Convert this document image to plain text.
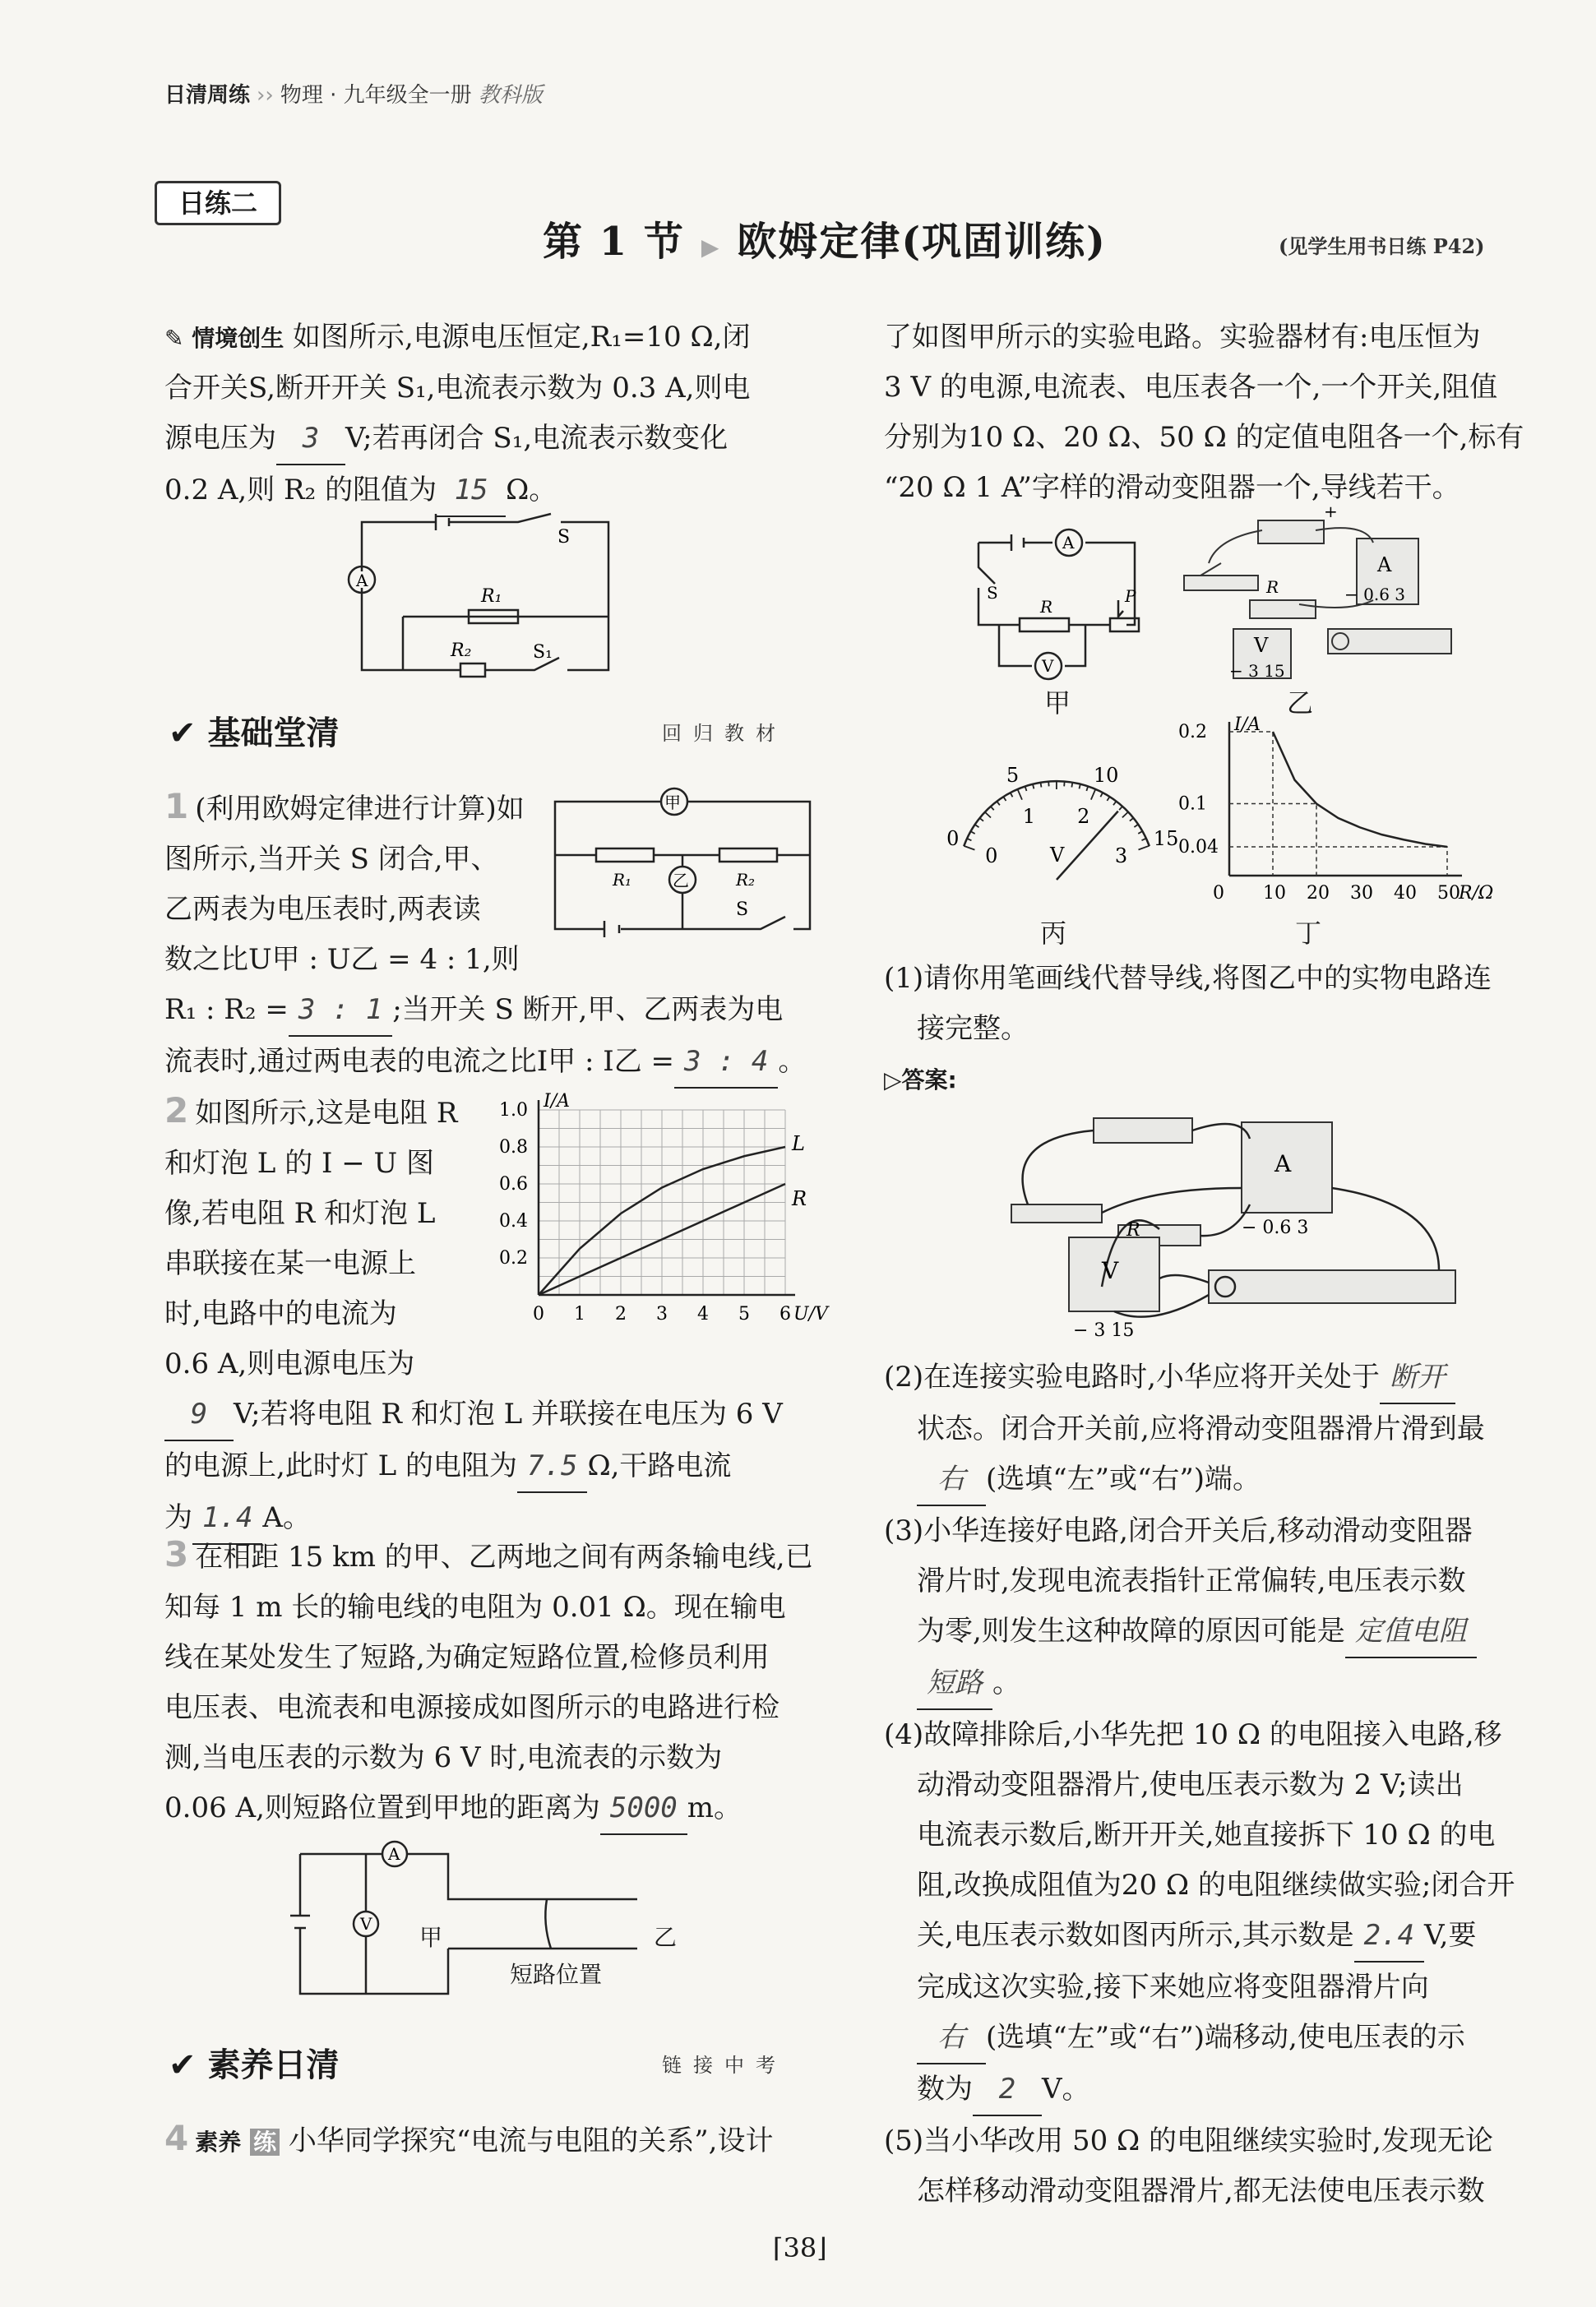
日清周练 ›› 物理 · 九年级全一册 教科版
日练二
第 1 节 ▶ 欧姆定律(巩固训练)	(见学生用书日练 P42)
✎ 情境创生 如图所示,电源电压恒定,R₁=10 Ω,闭
合开关S,断开开关 S₁,电流表示数为 0.3 A,则电
源电压为 3 V;若再闭合 S₁,电流表示数变化
0.2 A,则 R₂ 的阻值为 15 Ω。
A
S
R₁
R₂	S₁
✔ 基础堂清	回归教材
1 (利用欧姆定律进行计算)如
图所示,当开关 S 闭合,甲、
乙两表为电压表时,两表读
数之比U甲 : U乙 = 4 : 1,则
R₁ : R₂ = 3 : 1 ;当开关 S 断开,甲、乙两表为电
流表时,通过两电表的电流之比I甲 : I乙 = 3 : 4 。
甲
乙
R₁	R₂
S
2 如图所示,这是电阻 R
和灯泡 L 的 I − U 图
像,若电阻 R 和灯泡 L
串联接在某一电源上
时,电路中的电流为
0.6 A,则电源电压为
9 V;若将电阻 R 和灯泡 L 并联接在电压为 6 V
的电源上,此时灯 L 的电阻为 7.5 Ω,干路电流
为 1.4 A。
0 1 2 3 4 5 6
0.2
0.4
0.6
0.8
1.0
U/V
I/A
L
R
3 在相距 15 km 的甲、乙两地之间有两条输电线,已
知每 1 m 长的输电线的电阻为 0.01 Ω。现在输电
线在某处发生了短路,为确定短路位置,检修员利用
电压表、电流表和电源接成如图所示的电路进行检
测,当电压表的示数为 6 V 时,电流表的示数为
0.06 A,则短路位置到甲地的距离为 5000 m。
A
V 甲	乙
短路位置
✔ 素养日清	链接中考
4 素养 练 小华同学探究“电流与电阻的关系”,设计
了如图甲所示的实验电路。实验器材有:电压恒为
3 V 的电源,电流表、电压表各一个,一个开关,阻值
分别为10 Ω、20 Ω、50 Ω 的定值电阻各一个,标有
“20 Ω 1 A”字样的滑动变阻器一个,导线若干。
A
V
S
R
P
甲
R
A
V
− 0.6 3
− 3 15
+
乙
0
5	10
15
0
1 2
3
V
丙
10 20 30 40 50
0
0.2
0.1
0.04
R/Ω
I/A
丁
(1)请你用笔画线代替导线,将图乙中的实物电路连
接完整。
▷答案:
R
A
V
− 0.6 3
− 3 15
(2)在连接实验电路时,小华应将开关处于 断开
状态。闭合开关前,应将滑动变阻器滑片滑到最
右 (选填“左”或“右”)端。
(3)小华连接好电路,闭合开关后,移动滑动变阻器
滑片时,发现电流表指针正常偏转,电压表示数
为零,则发生这种故障的原因可能是 定值电阻
短路 。
(4)故障排除后,小华先把 10 Ω 的电阻接入电路,移
动滑动变阻器滑片,使电压表示数为 2 V;读出
电流表示数后,断开开关,她直接拆下 10 Ω 的电
阻,改换成阻值为20 Ω 的电阻继续做实验;闭合开
关,电压表示数如图丙所示,其示数是 2.4 V,要
完成这次实验,接下来她应将变阻器滑片向
右 (选填“左”或“右”)端移动,使电压表的示
数为 2 V。
(5)当小华改用 50 Ω 的电阻继续实验时,发现无论
怎样移动滑动变阻器滑片,都无法使电压表示数
⌈38⌋
